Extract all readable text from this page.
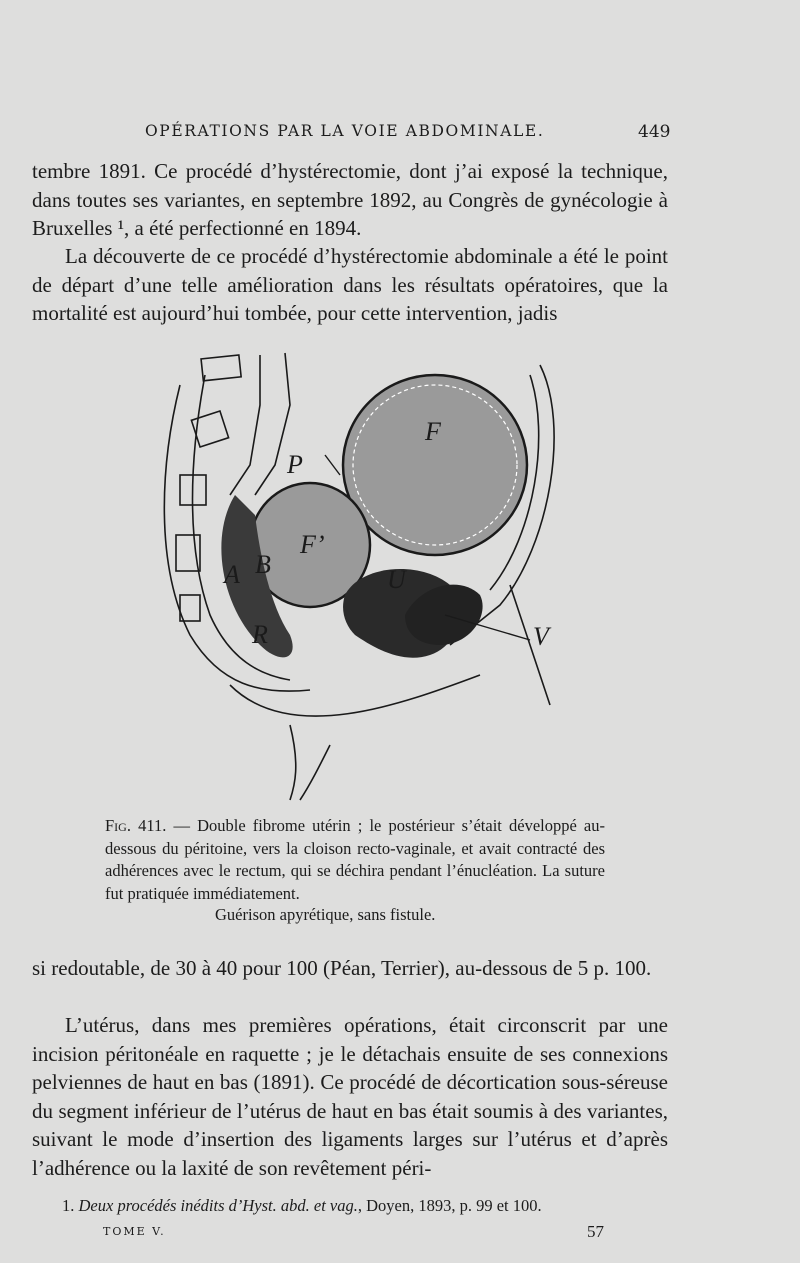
OPÉRATIONS PAR LA VOIE ABDOMINALE.	449

tembre 1891. Ce procédé d’hystérectomie, dont j’ai exposé la technique, dans toutes ses variantes, en septembre 1892, au Congrès de gynécologie à Bruxelles ¹, a été perfectionné en 1894.

La découverte de ce procédé d’hystérectomie abdominale a été le point de départ d’une telle amélioration dans les résultats opératoires, que la mortalité est aujourd’hui tombée, pour cette intervention, jadis

F
F’
P
A B
R
U
V

Fig. 411. — Double fibrome utérin ; le postérieur s’était développé au-dessous du péritoine, vers la cloison recto-vaginale, et avait contracté des adhérences avec le rectum, qui se déchira pendant l’énucléation. La suture fut pratiquée immédiatement.

Guérison apyrétique, sans fistule.

si redoutable, de 30 à 40 pour 100 (Péan, Terrier), au-dessous de 5 p. 100.

L’utérus, dans mes premières opérations, était circonscrit par une incision péritonéale en raquette ; je le détachais ensuite de ses connexions pelviennes de haut en bas (1891). Ce procédé de décortication sous-séreuse du segment inférieur de l’utérus de haut en bas était soumis à des variantes, suivant le mode d’insertion des ligaments larges sur l’utérus et d’après l’adhérence ou la laxité de son revêtement péri-

1. Deux procédés inédits d’Hyst. abd. et vag., Doyen, 1893, p. 99 et 100.
TOME V.	57
